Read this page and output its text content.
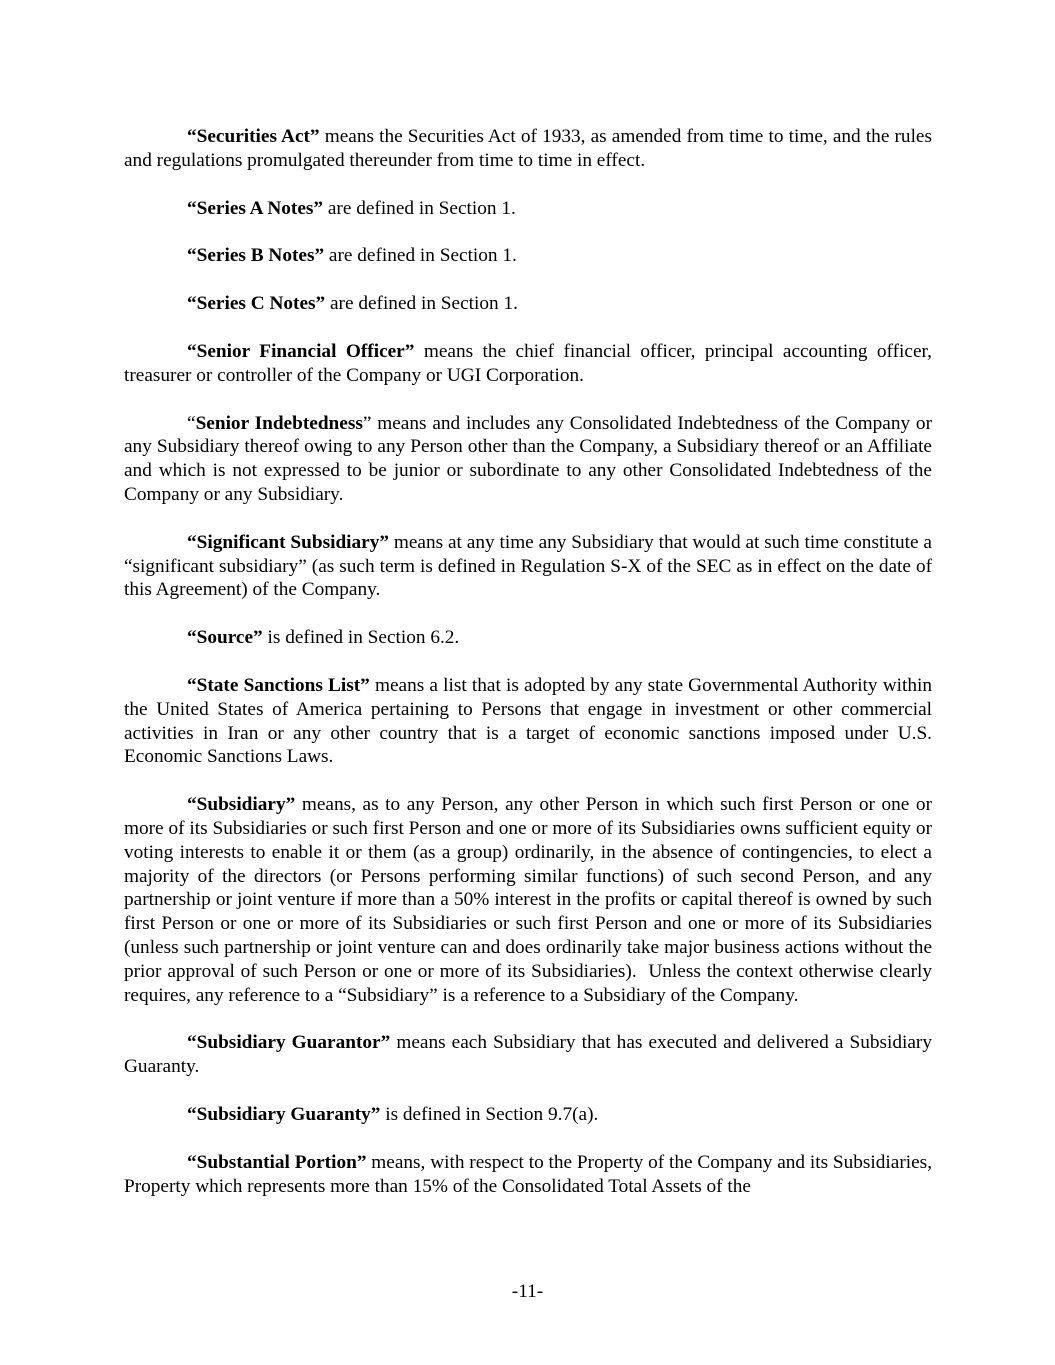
“Securities Act” means the Securities Act of 1933, as amended from time to time, and the rules and regulations promulgated thereunder from time to time in effect.

“Series A Notes” are defined in Section 1.

“Series B Notes” are defined in Section 1.

“Series C Notes” are defined in Section 1.

“Senior Financial Officer” means the chief financial officer, principal accounting officer, treasurer or controller of the Company or UGI Corporation.

“Senior Indebtedness” means and includes any Consolidated Indebtedness of the Company or any Subsidiary thereof owing to any Person other than the Company, a Subsidiary thereof or an Affiliate and which is not expressed to be junior or subordinate to any other Consolidated Indebtedness of the Company or any Subsidiary.

“Significant Subsidiary” means at any time any Subsidiary that would at such time constitute a “significant subsidiary” (as such term is defined in Regulation S-X of the SEC as in effect on the date of this Agreement) of the Company.

“Source” is defined in Section 6.2.

“State Sanctions List” means a list that is adopted by any state Governmental Authority within the United States of America pertaining to Persons that engage in investment or other commercial activities in Iran or any other country that is a target of economic sanctions imposed under U.S. Economic Sanctions Laws.

“Subsidiary” means, as to any Person, any other Person in which such first Person or one or more of its Subsidiaries or such first Person and one or more of its Subsidiaries owns sufficient equity or voting interests to enable it or them (as a group) ordinarily, in the absence of contingencies, to elect a majority of the directors (or Persons performing similar functions) of such second Person, and any partnership or joint venture if more than a 50% interest in the profits or capital thereof is owned by such first Person or one or more of its Subsidiaries or such first Person and one or more of its Subsidiaries (unless such partnership or joint venture can and does ordinarily take major business actions without the prior approval of such Person or one or more of its Subsidiaries).  Unless the context otherwise clearly requires, any reference to a “Subsidiary” is a reference to a Subsidiary of the Company.

“Subsidiary Guarantor” means each Subsidiary that has executed and delivered a Subsidiary Guaranty.

“Subsidiary Guaranty” is defined in Section 9.7(a).

“Substantial Portion” means, with respect to the Property of the Company and its Subsidiaries, Property which represents more than 15% of the Consolidated Total Assets of the

-11-
